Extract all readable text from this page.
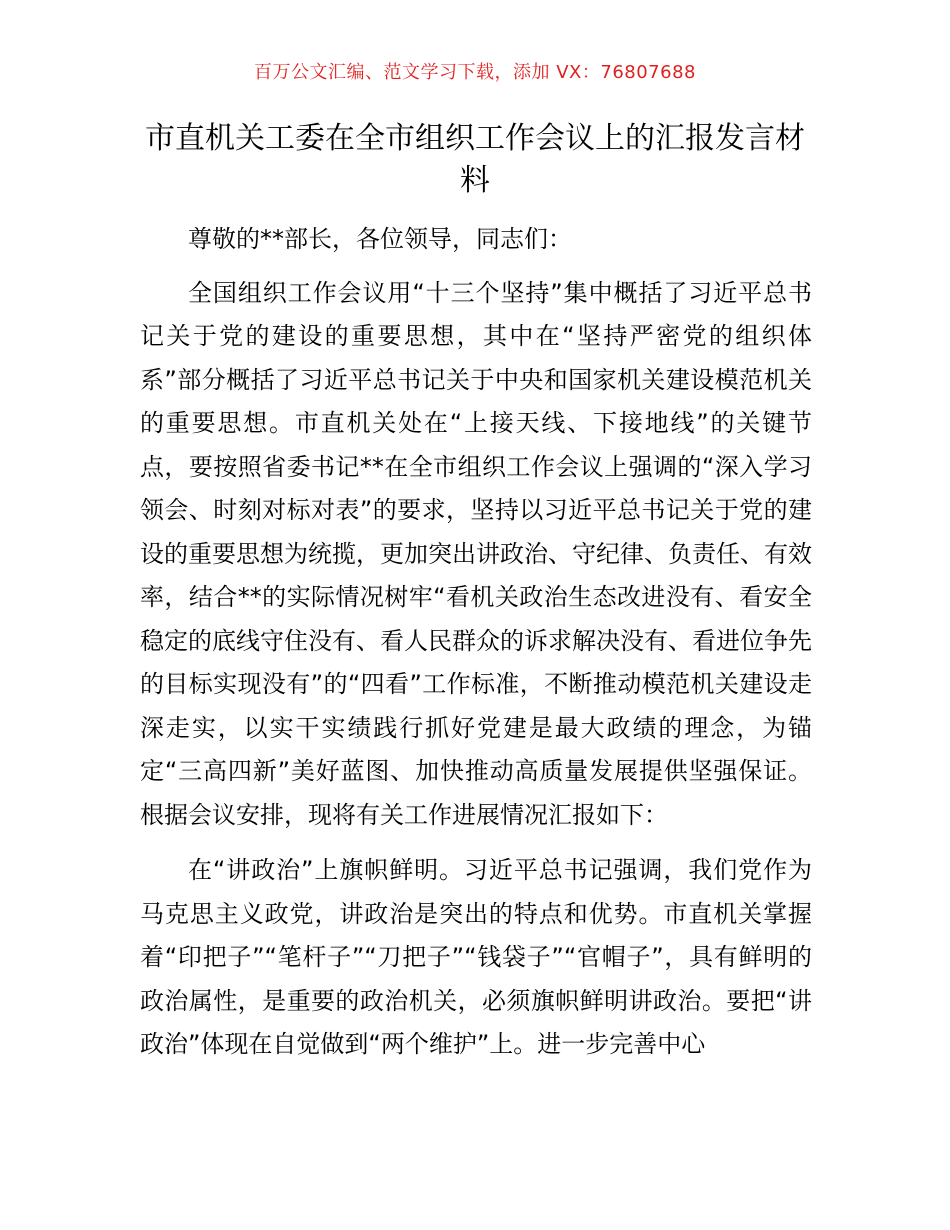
百万公文汇编、范文学习下载，添加 VX：76807688
市直机关工委在全市组织工作会议上的汇报发言材料

尊敬的**部长，各位领导，同志们：

全国组织工作会议用“十三个坚持”集中概括了习近平总书记关于党的建设的重要思想，其中在“坚持严密党的组织体系”部分概括了习近平总书记关于中央和国家机关建设模范机关的重要思想。市直机关处在“上接天线、下接地线”的关键节点，要按照省委书记**在全市组织工作会议上强调的“深入学习领会、时刻对标对表”的要求，坚持以习近平总书记关于党的建设的重要思想为统揽，更加突出讲政治、守纪律、负责任、有效率，结合**的实际情况树牢“看机关政治生态改进没有、看安全稳定的底线守住没有、看人民群众的诉求解决没有、看进位争先的目标实现没有”的“四看”工作标准，不断推动模范机关建设走深走实，以实干实绩践行抓好党建是最大政绩的理念，为锚定“三高四新”美好蓝图、加快推动高质量发展提供坚强保证。根据会议安排，现将有关工作进展情况汇报如下：

在“讲政治”上旗帜鲜明。习近平总书记强调，我们党作为马克思主义政党，讲政治是突出的特点和优势。市直机关掌握着“印把子”“笔杆子”“刀把子”“钱袋子”“官帽子”，具有鲜明的政治属性，是重要的政治机关，必须旗帜鲜明讲政治。要把“讲政治”体现在自觉做到“两个维护”上。进一步完善中心
